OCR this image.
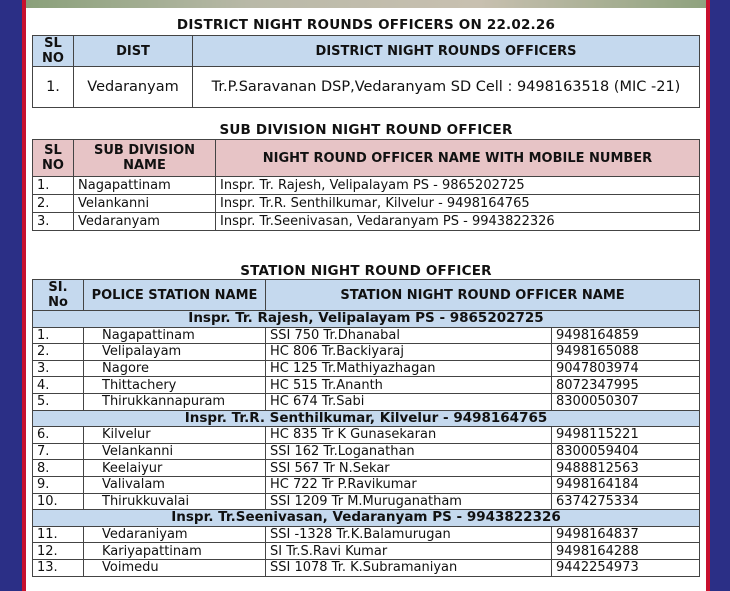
DISTRICT NIGHT ROUNDS OFFICERS ON 22.02.26
SL NO	DIST	DISTRICT NIGHT ROUNDS OFFICERS
1.	Vedaranyam	Tr.P.Saravanan DSP,Vedaranyam SD Cell : 9498163518 (MIC -21)
SUB DIVISION NIGHT ROUND OFFICER
SL NO	SUB DIVISION NAME	NIGHT ROUND OFFICER NAME WITH MOBILE NUMBER
1.	Nagapattinam	Inspr. Tr. Rajesh, Velipalayam PS - 9865202725
2.	Velankanni	Inspr. Tr.R. Senthilkumar, Kilvelur - 9498164765
3.	Vedaranyam	Inspr. Tr.Seenivasan, Vedaranyam PS - 9943822326
STATION NIGHT ROUND OFFICER
SI. No	POLICE STATION NAME	STATION NIGHT ROUND OFFICER NAME	
Inspr. Tr. Rajesh, Velipalayam PS - 9865202725			
1.	Nagapattinam	SSI 750 Tr.Dhanabal	9498164859
2.	Velipalayam	HC 806 Tr.Backiyaraj	9498165088
3.	Nagore	HC 125 Tr.Mathiyazhagan	9047803974
4.	Thittachery	HC 515 Tr.Ananth	8072347995
5.	Thirukkannapuram	HC 674 Tr.Sabi	8300050307
Inspr. Tr.R. Senthilkumar, Kilvelur - 9498164765			
6.	Kilvelur	HC 835 Tr K Gunasekaran	9498115221
7.	Velankanni	SSI 162 Tr.Loganathan	8300059404
8.	Keelaiyur	SSI 567 Tr N.Sekar	9488812563
9.	Valivalam	HC 722 Tr P.Ravikumar	9498164184
10.	Thirukkuvalai	SSI 1209 Tr M.Muruganatham	6374275334
Inspr. Tr.Seenivasan, Vedaranyam PS - 9943822326			
11.	Vedaraniyam	SSI -1328 Tr.K.Balamurugan	9498164837
12.	Kariyapattinam	SI Tr.S.Ravi Kumar	9498164288
13.	Voimedu	SSI 1078 Tr. K.Subramaniyan	9442254973
